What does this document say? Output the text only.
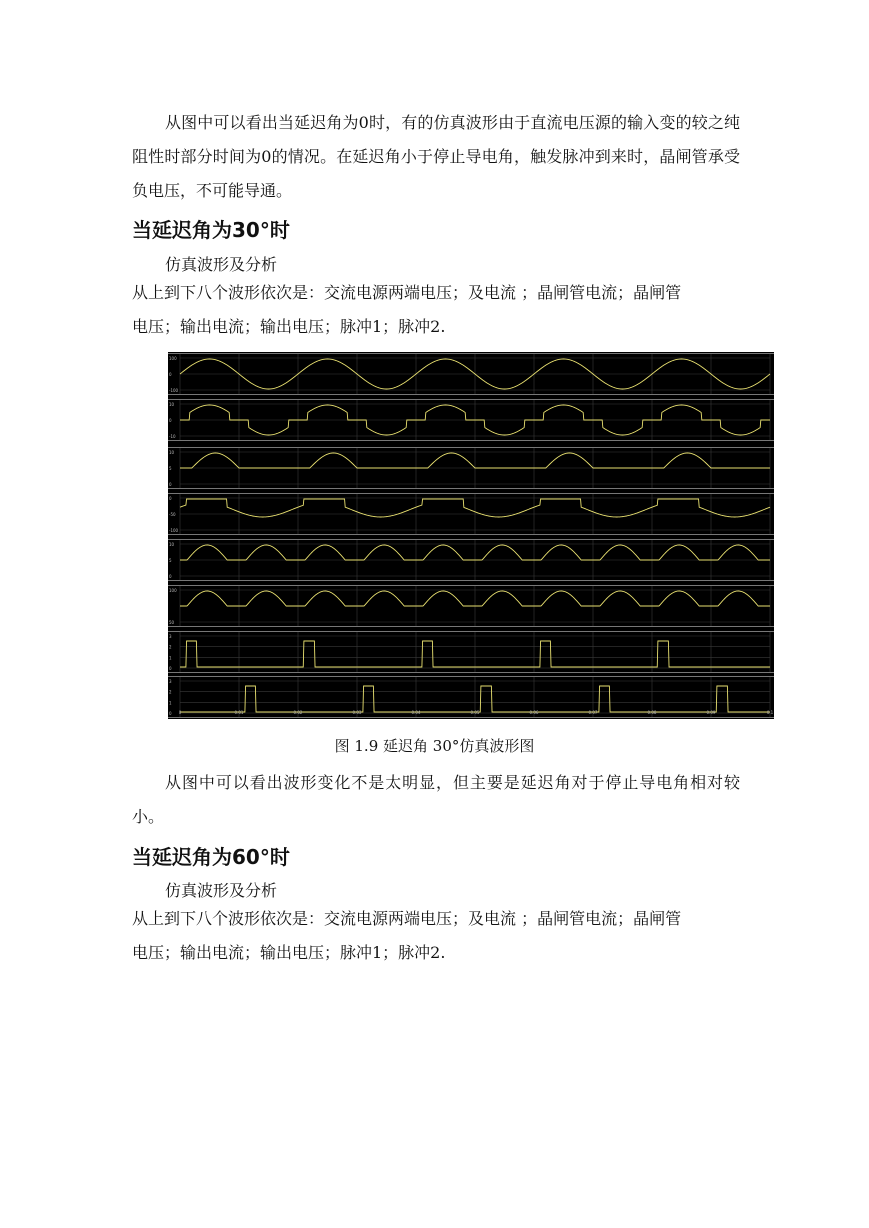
从图中可以看出当延迟角为0时，有的仿真波形由于直流电压源的输入变的较之纯阻性时部分时间为0的情况。在延迟角小于停止导电角，触发脉冲到来时，晶闸管承受负电压，不可能导通。

当延迟角为30°时

仿真波形及分析

从上到下八个波形依次是：交流电源两端电压；及电流 ；晶闸管电流；晶闸管

电压；输出电流；输出电压；脉冲1；脉冲2.

100
0
-100
10
0
-10
10
5
0
0
-50
-100
10
5
0
100
50
3
2
1
0
3
2
1
0 0	0.01	0.02	0.03	0.04	0.05	0.06	0.07	0.08	0.09	0.1

图 1.9 延迟角 30°仿真波形图

从图中可以看出波形变化不是太明显，但主要是延迟角对于停止导电角相对较小。

当延迟角为60°时

仿真波形及分析

从上到下八个波形依次是：交流电源两端电压；及电流 ；晶闸管电流；晶闸管

电压；输出电流；输出电压；脉冲1；脉冲2.
